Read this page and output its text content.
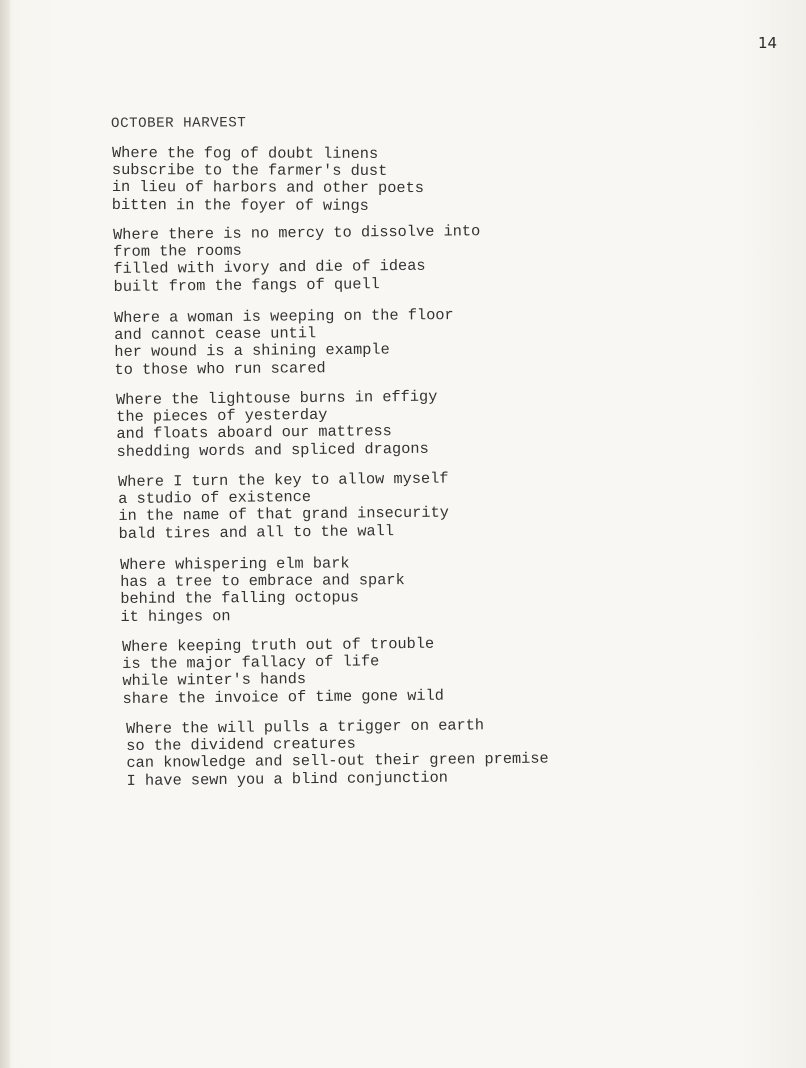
14
OCTOBER HARVEST
Where the fog of doubt linens
subscribe to the farmer's dust
in lieu of harbors and other poets
bitten in the foyer of wings
Where there is no mercy to dissolve into
from the rooms
filled with ivory and die of ideas
built from the fangs of quell
Where a woman is weeping on the floor
and cannot cease until
her wound is a shining example
to those who run scared
Where the lightouse burns in effigy
the pieces of yesterday
and floats aboard our mattress
shedding words and spliced dragons
Where I turn the key to allow myself
a studio of existence
in the name of that grand insecurity
bald tires and all to the wall
Where whispering elm bark
has a tree to embrace and spark
behind the falling octopus
it hinges on
Where keeping truth out of trouble
is the major fallacy of life
while winter's hands
share the invoice of time gone wild
Where the will pulls a trigger on earth
so the dividend creatures
can knowledge and sell-out their green premise
I have sewn you a blind conjunction
